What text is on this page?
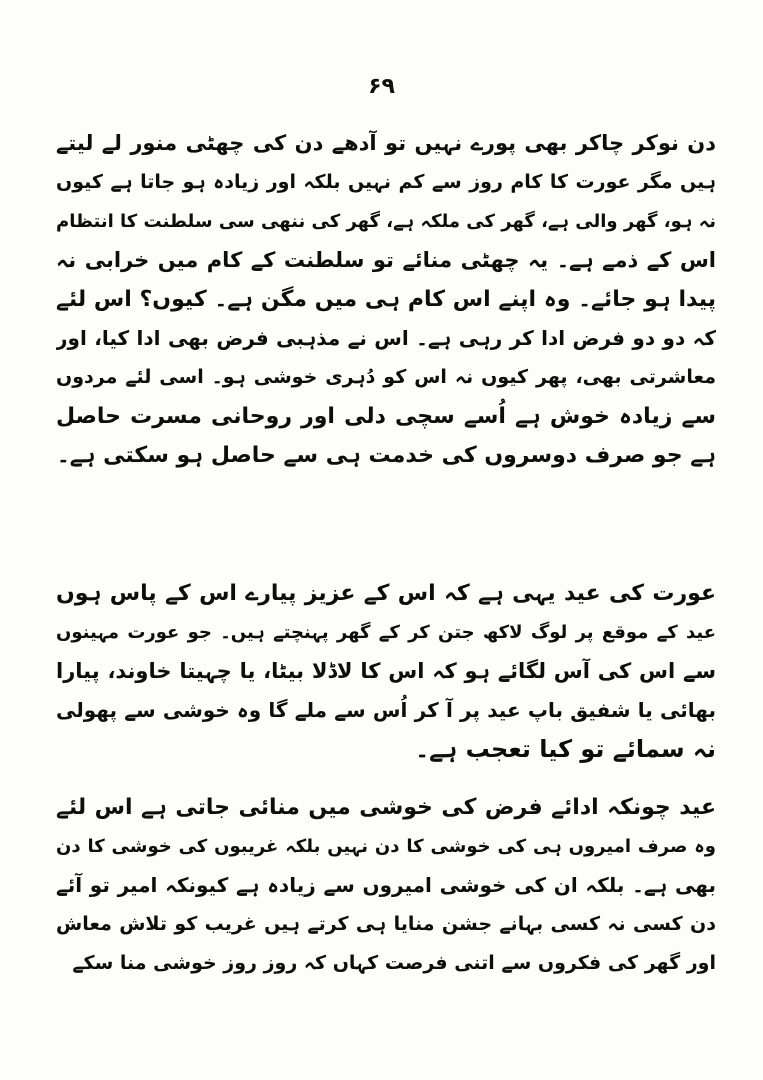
۶۹
دن نوکر چاکر بھی پورے نہیں تو آدھے دن کی چھٹی منور لے لیتے
ہیں مگر عورت کا کام روز سے کم نہیں بلکہ اور زیادہ ہو جاتا ہے کیوں
نہ ہو، گھر والی ہے، گھر کی ملکہ ہے، گھر کی ننھی سی سلطنت کا انتظام
اس کے ذمے ہے۔ یہ چھٹی منائے تو سلطنت کے کام میں خرابی نہ
پیدا ہو جائے۔ وہ اپنے اس کام ہی میں مگن ہے۔ کیوں؟ اس لئے
کہ دو دو فرض ادا کر رہی ہے۔ اس نے مذہبی فرض بھی ادا کیا، اور
معاشرتی بھی، پھر کیوں نہ اس کو دُہری خوشی ہو۔ اسی لئے مردوں
سے زیادہ خوش ہے اُسے سچی دلی اور روحانی مسرت حاصل
ہے جو صرف دوسروں کی خدمت ہی سے حاصل ہو سکتی ہے۔
عورت کی عید یہی ہے کہ اس کے عزیز پیارے اس کے پاس ہوں
عید کے موقع پر لوگ لاکھ جتن کر کے گھر پہنچتے ہیں۔ جو عورت مہینوں
سے اس کی آس لگائے ہو کہ اس کا لاڈلا بیٹا، یا چہیتا خاوند، پیارا
بھائی یا شفیق باپ عید پر آ کر اُس سے ملے گا وہ خوشی سے پھولی
نہ سمائے تو کیا تعجب ہے۔
عید چونکہ ادائے فرض کی خوشی میں منائی جاتی ہے اس لئے
وہ صرف امیروں ہی کی خوشی کا دن نہیں بلکہ غریبوں کی خوشی کا دن
بھی ہے۔ بلکہ ان کی خوشی امیروں سے زیادہ ہے کیونکہ امیر تو آئے
دن کسی نہ کسی بہانے جشن منایا ہی کرتے ہیں غریب کو تلاش معاش
اور گھر کی فکروں سے اتنی فرصت کہاں کہ روز روز خوشی منا سکے
